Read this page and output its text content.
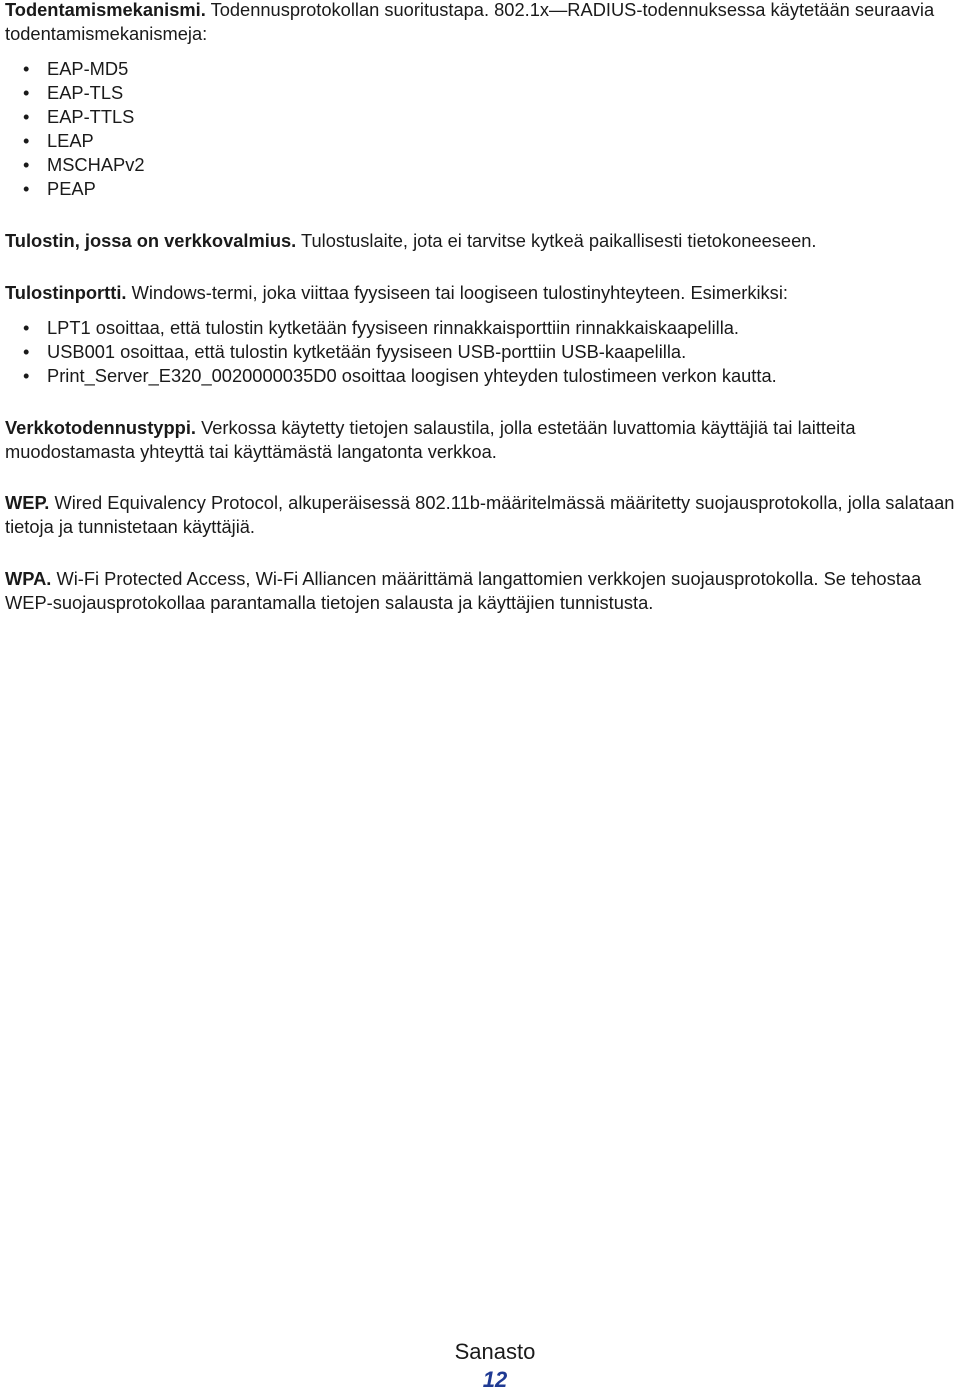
Todentamismekanismi. Todennusprotokollan suoritustapa. 802.1x—RADIUS-todennuksessa käytetään seuraavia todentamismekanismeja:

• EAP-MD5
• EAP-TLS
• EAP-TTLS
• LEAP
• MSCHAPv2
• PEAP

Tulostin, jossa on verkkovalmius. Tulostuslaite, jota ei tarvitse kytkeä paikallisesti tietokoneeseen.

Tulostinportti. Windows-termi, joka viittaa fyysiseen tai loogiseen tulostinyhteyteen. Esimerkiksi:

• LPT1 osoittaa, että tulostin kytketään fyysiseen rinnakkaisporttiin rinnakkaiskaapelilla.
• USB001 osoittaa, että tulostin kytketään fyysiseen USB-porttiin USB-kaapelilla.
• Print_Server_E320_0020000035D0 osoittaa loogisen yhteyden tulostimeen verkon kautta.

Verkkotodennustyppi. Verkossa käytetty tietojen salaustila, jolla estetään luvattomia käyttäjiä tai laitteita muodostamasta yhteyttä tai käyttämästä langatonta verkkoa.

WEP. Wired Equivalency Protocol, alkuperäisessä 802.11b-määritelmässä määritetty suojausprotokolla, jolla salataan tietoja ja tunnistetaan käyttäjiä.

WPA. Wi-Fi Protected Access, Wi-Fi Alliancen määrittämä langattomien verkkojen suojausprotokolla. Se tehostaa WEP-suojausprotokollaa parantamalla tietojen salausta ja käyttäjien tunnistusta.

Sanasto
12
